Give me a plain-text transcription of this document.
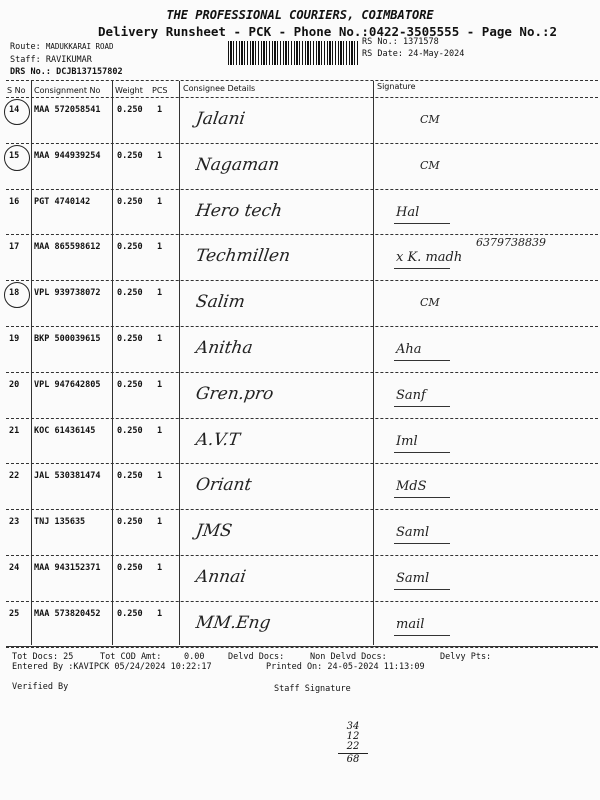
THE PROFESSIONAL COURIERS, COIMBATORE
Delivery Runsheet - PCK - Phone No.:0422-3505555 - Page No.:2
Route: MADUKKARAI ROAD
Staff: RAVIKUMAR
DRS No.: DCJB137157802
RS No.: 1371578
RS Date: 24-May-2024
S No Consignment No Weight PCS Consignee Details	Signature
14 MAA 572058541 0.250 1 Jalani	CM
15 MAA 944939254 0.250 1 Nagaman	CM
16 PGT 4740142	0.250 1 Hero tech	Hal
17 MAA 865598612 0.250 1 Techmillen	x K. madh
6379738839
18 VPL 939738072 0.250 1 Salim	CM
19 BKP 500039615 0.250 1 Anitha	Aha
20 VPL 947642805 0.250 1 Gren.pro	Sanf
21 KOC 61436145	0.250 1 A.V.T	Iml
22 JAL 530381474 0.250 1 Oriant	MdS
23 TNJ 135635	0.250 1 JMS	Saml
24 MAA 943152371 0.250 1 Annai	Saml
25 MAA 573820452 0.250 1 MM.Eng	mail
Tot Docs: 25	Tot COD Amt:	0.00	Delvd Docs:	Non Delvd Docs:	Delvy Pts:
Entered By :KAVIPCK 05/24/2024 10:22:17	Printed On: 24-05-2024 11:13:09
Verified By	Staff Signature
34
12
22
68
